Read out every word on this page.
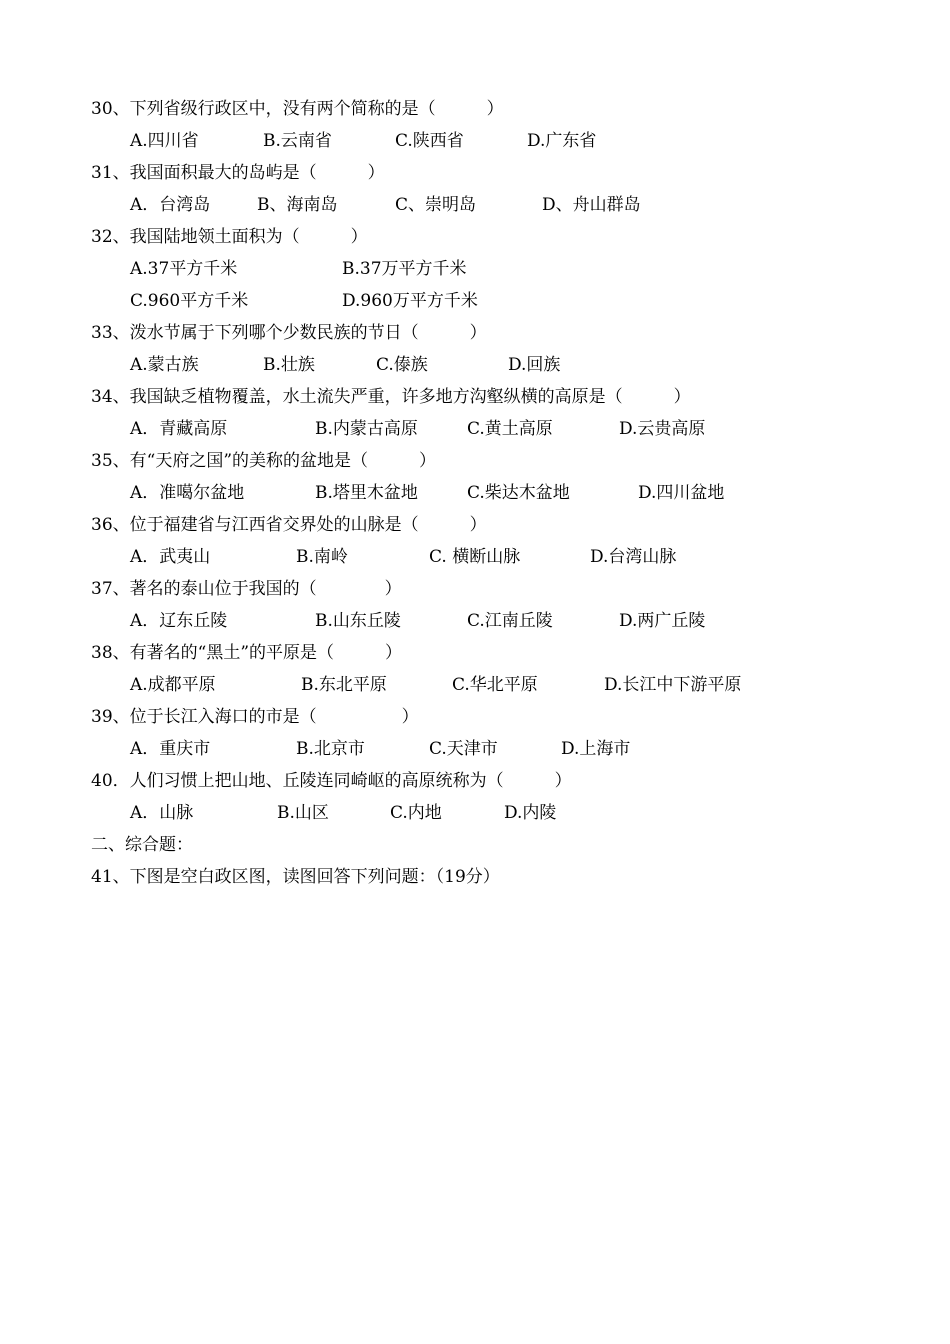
30、下列省级行政区中，没有两个简称的是（　　　）
A.四川省	B.云南省	C.陕西省	D.广东省
31、我国面积最大的岛屿是（　　　）
A．台湾岛	B、海南岛	C、崇明岛	D、舟山群岛
32、我国陆地领土面积为（　　　）
A.37平方千米	B.37万平方千米
C.960平方千米	D.960万平方千米
33、泼水节属于下列哪个少数民族的节日（　　　）
A.蒙古族	B.壮族	C.傣族	D.回族
34、我国缺乏植物覆盖，水土流失严重，许多地方沟壑纵横的高原是（　　　）
A．青藏高原	B.内蒙古高原	C.黄土高原	D.云贵高原
35、有“天府之国”的美称的盆地是（　　　）
A．准噶尔盆地	B.塔里木盆地	C.柴达木盆地	D.四川盆地
36、位于福建省与江西省交界处的山脉是（　　　）
A．武夷山	B.南岭	C. 横断山脉	D.台湾山脉
37、著名的泰山位于我国的（　　　　）
A．辽东丘陵	B.山东丘陵	C.江南丘陵	D.两广丘陵
38、有著名的“黑土”的平原是（　　　）
A.成都平原	B.东北平原	C.华北平原	D.长江中下游平原
39、位于长江入海口的市是（　　　　　）
A．重庆市	B.北京市	C.天津市	D.上海市
40．人们习惯上把山地、丘陵连同崎岖的高原统称为（　　　）
A．山脉	B.山区	C.内地	D.内陵
二、综合题：
41、下图是空白政区图，读图回答下列问题：（19分）
